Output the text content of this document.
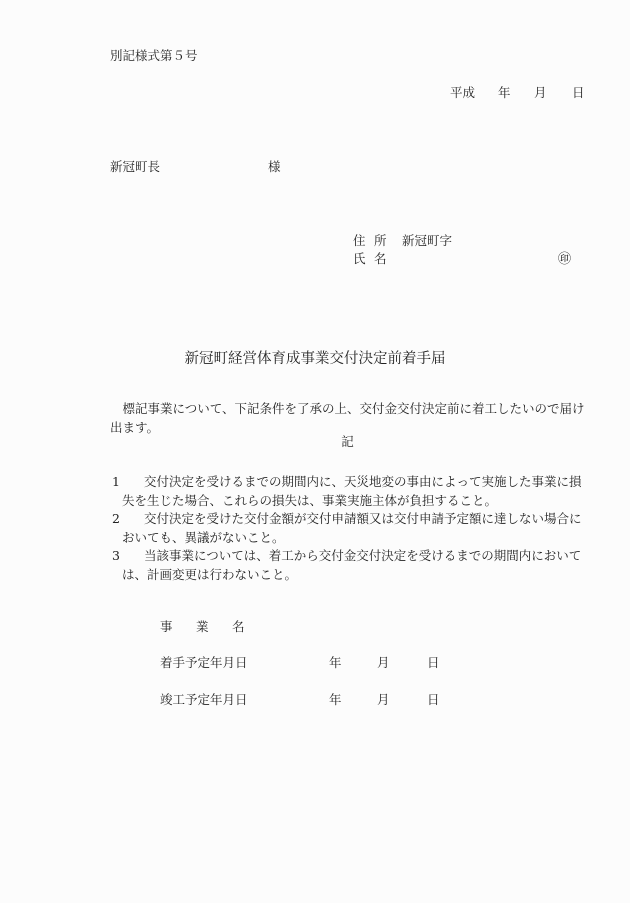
別記様式第５号
平成 年 月 日
新冠町長	様
住 所 新冠町字
氏 名	㊞
新冠町経営体育成事業交付決定前着手届
標記事業について、下記条件を了承の上、交付金交付決定前に着工したいので届け出ます。
記
1	交付決定を受けるまでの期間内に、天災地変の事由によって実施した事業に損失を生じた場合、これらの損失は、事業実施主体が負担すること。
2	交付決定を受けた交付金額が交付申請額又は交付申請予定額に達しない場合においても、異議がないこと。
3	当該事業については、着工から交付金交付決定を受けるまでの期間内においては、計画変更は行わないこと。
事 業 名
着手予定年月日	年	月	日
竣工予定年月日	年	月	日
